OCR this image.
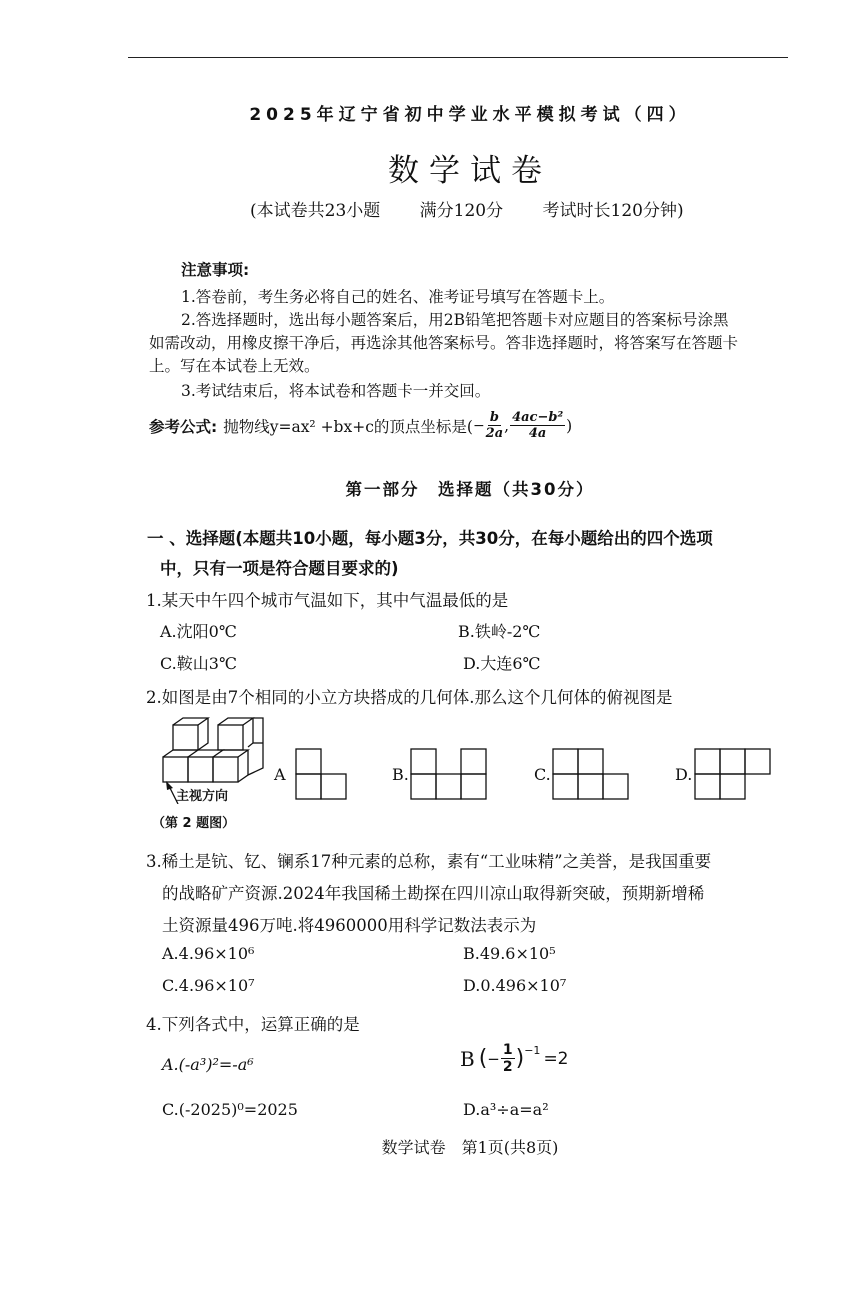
2025年辽宁省初中学业水平模拟考试（四）
数学试卷
(本试卷共23小题 满分120分 考试时长120分钟)
注意事项:
1.答卷前，考生务必将自己的姓名、准考证号填写在答题卡上。
2.答选择题时，选出每小题答案后，用2B铅笔把答题卡对应题目的答案标号涂黑
如需改动，用橡皮擦干净后，再选涂其他答案标号。答非选择题时，将答案写在答题卡
上。写在本试卷上无效。
3.考试结束后，将本试卷和答题卡一并交回。
参考公式: 抛物线y=ax² +bx+c的顶点坐标是( − $\frac{b}{2a}$ , $\frac{\text{4ac−b²}}{4a}$ )
第一部分　选择题（共30分）
一 、选择题(本题共10小题，每小题3分，共30分，在每小题给出的四个选项
中，只有一项是符合题目要求的)
1.某天中午四个城市气温如下，其中气温最低的是
A.沈阳0℃	B.铁岭-2℃
C.鞍山3℃	D.大连6℃
2.如图是由7个相同的小立方块搭成的几何体.那么这个几何体的俯视图是
主视方向
（第 2 题图）
A	B.	C.	D.
3.稀土是钪、钇、镧系17种元素的总称，素有“工业味精”之美誉，是我国重要
的战略矿产资源.2024年我国稀土勘探在四川凉山取得新突破，预期新增稀
土资源量496万吨.将4960000用科学记数法表示为
A.4.96×10⁶	B.49.6×10⁵
C.4.96×10⁷	D.0.496×10⁷
4.下列各式中，运算正确的是
A.(-a³)²=-a⁶	B ( − $\frac{1}{2}$ ) −1 =2
C.(-2025)⁰=2025	D.a³÷a=a²
数学试卷　第1页(共8页)
